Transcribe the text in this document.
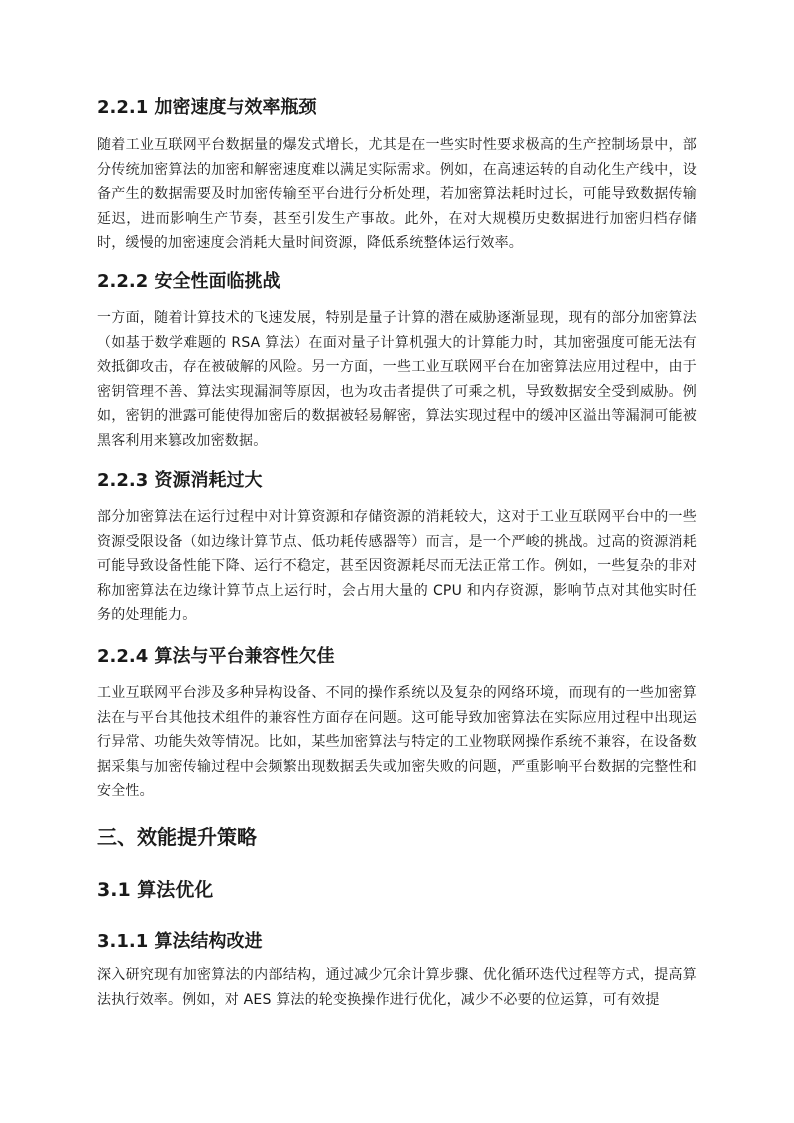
2.2.1 加密速度与效率瓶颈

随着工业互联网平台数据量的爆发式增长，尤其是在一些实时性要求极高的生产控制场景中，部分传统加密算法的加密和解密速度难以满足实际需求。例如，在高速运转的自动化生产线中，设备产生的数据需要及时加密传输至平台进行分析处理，若加密算法耗时过长，可能导致数据传输延迟，进而影响生产节奏，甚至引发生产事故。此外，在对大规模历史数据进行加密归档存储时，缓慢的加密速度会消耗大量时间资源，降低系统整体运行效率。

2.2.2 安全性面临挑战

一方面，随着计算技术的飞速发展，特别是量子计算的潜在威胁逐渐显现，现有的部分加密算法（如基于数学难题的 RSA 算法）在面对量子计算机强大的计算能力时，其加密强度可能无法有效抵御攻击，存在被破解的风险。另一方面，一些工业互联网平台在加密算法应用过程中，由于密钥管理不善、算法实现漏洞等原因，也为攻击者提供了可乘之机，导致数据安全受到威胁。例如，密钥的泄露可能使得加密后的数据被轻易解密，算法实现过程中的缓冲区溢出等漏洞可能被黑客利用来篡改加密数据。

2.2.3 资源消耗过大

部分加密算法在运行过程中对计算资源和存储资源的消耗较大，这对于工业互联网平台中的一些资源受限设备（如边缘计算节点、低功耗传感器等）而言，是一个严峻的挑战。过高的资源消耗可能导致设备性能下降、运行不稳定，甚至因资源耗尽而无法正常工作。例如，一些复杂的非对称加密算法在边缘计算节点上运行时，会占用大量的 CPU 和内存资源，影响节点对其他实时任务的处理能力。

2.2.4 算法与平台兼容性欠佳

工业互联网平台涉及多种异构设备、不同的操作系统以及复杂的网络环境，而现有的一些加密算法在与平台其他技术组件的兼容性方面存在问题。这可能导致加密算法在实际应用过程中出现运行异常、功能失效等情况。比如，某些加密算法与特定的工业物联网操作系统不兼容，在设备数据采集与加密传输过程中会频繁出现数据丢失或加密失败的问题，严重影响平台数据的完整性和安全性。

三、效能提升策略
3.1 算法优化
3.1.1 算法结构改进

深入研究现有加密算法的内部结构，通过减少冗余计算步骤、优化循环迭代过程等方式，提高算法执行效率。例如，对 AES 算法的轮变换操作进行优化，减少不必要的位运算，可有效提
